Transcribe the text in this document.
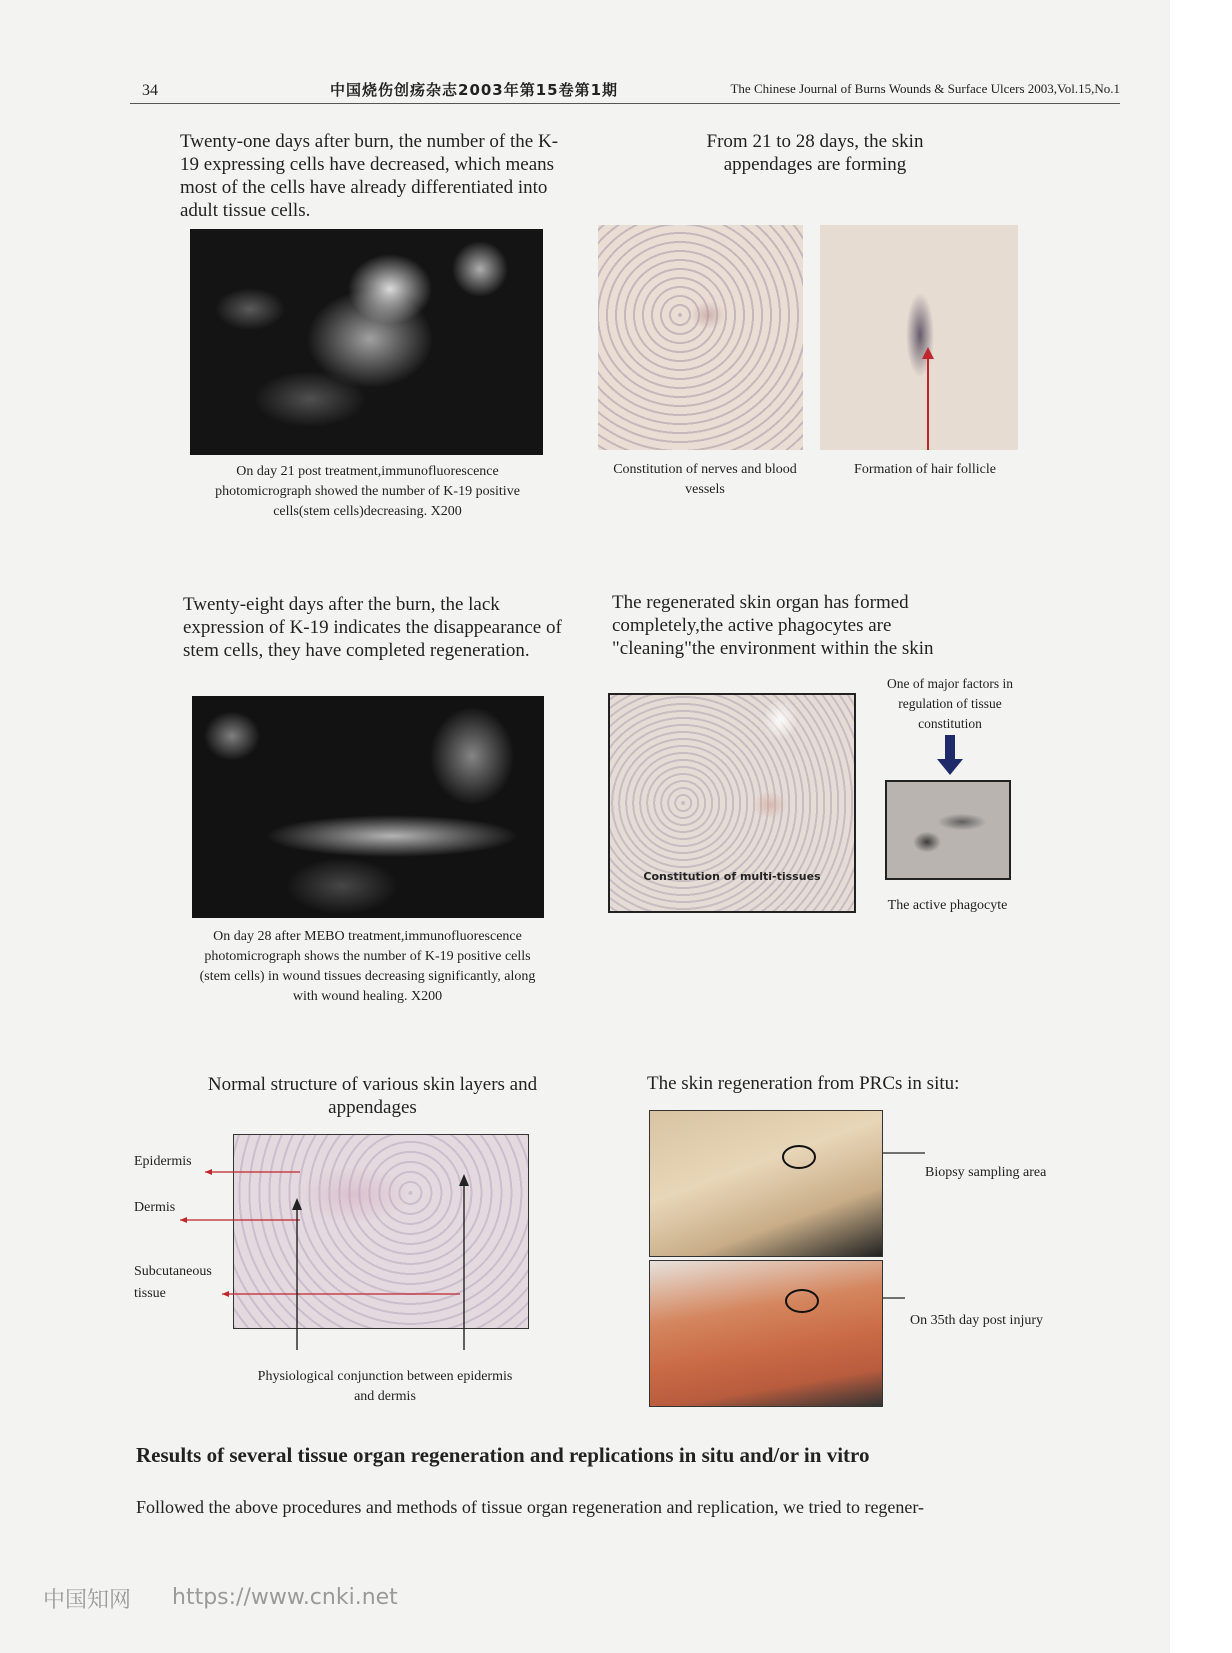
34	中国烧伤创疡杂志2003年第15卷第1期	The Chinese Journal of Burns Wounds & Surface Ulcers 2003,Vol.15,No.1
Twenty-one days after burn, the number of the K-19 expressing cells have decreased, which means most of the cells have already differentiated into adult tissue cells.
On day 21 post treatment,immunofluorescence photomicrograph showed the number of K-19 positive cells(stem cells)decreasing. X200
From 21 to 28 days, the skin appendages are forming
Constitution of nerves and blood vessels
Formation of hair follicle
Twenty-eight days after the burn, the lack expression of K-19 indicates the disappearance of stem cells, they have completed regeneration.
On day 28 after MEBO treatment,immunofluorescence photomicrograph shows the number of K-19 positive cells (stem cells) in wound tissues decreasing significantly, along with wound healing. X200
The regenerated skin organ has formed completely,the active phagocytes are "cleaning"the environment within the skin
Constitution of multi-tissues
One of major factors in regulation of tissue constitution
The active phagocyte
Normal structure of various skin layers and appendages
Epidermis
Dermis
Subcutaneous tissue
Physiological conjunction between epidermis and dermis
The skin regeneration from PRCs in situ:
Biopsy sampling area
On 35th day post injury
Results of several tissue organ regeneration and replications in situ and/or in vitro
Followed the above procedures and methods of tissue organ regeneration and replication, we tried to regener-
中国知网 https://www.cnki.net
